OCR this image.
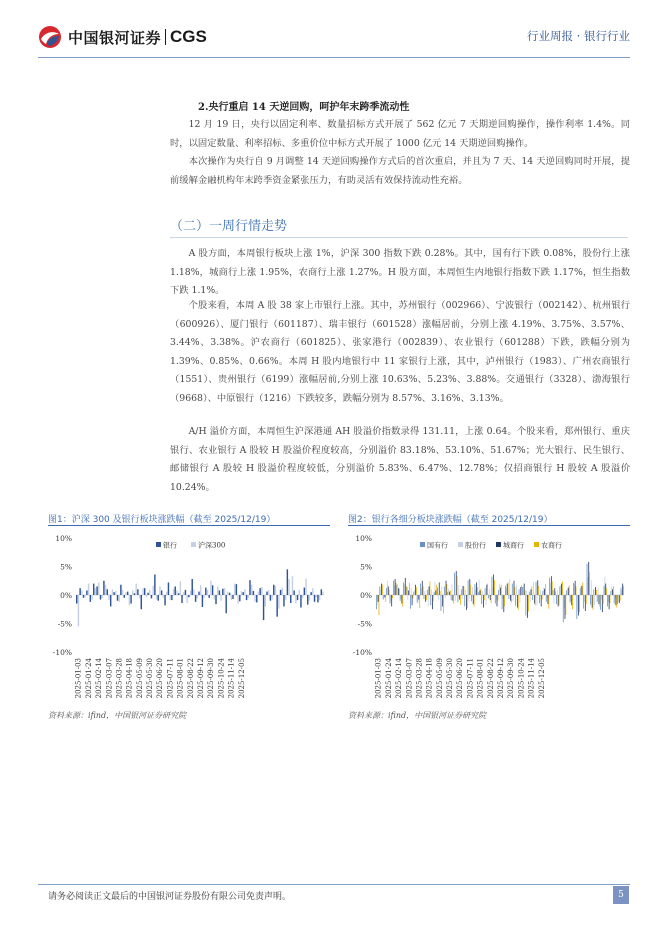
中国银河证券 CGS	行业周报 · 银行行业
2.央行重启 14 天逆回购，呵护年末跨季流动性
12 月 19 日，央行以固定利率、数量招标方式开展了 562 亿元 7 天期逆回购操作，操作利率 1.4%。同时，以固定数量、利率招标、多重价位中标方式开展了 1000 亿元 14 天期逆回购操作。
本次操作为央行自 9 月调整 14 天逆回购操作方式后的首次重启，并且为 7 天、14 天逆回购同时开展，提前缓解金融机构年末跨季资金紧张压力，有助灵活有效保持流动性充裕。
（二）一周行情走势
A 股方面，本周银行板块上涨 1%，沪深 300 指数下跌 0.28%。其中，国有行下跌 0.08%，股份行上涨 1.18%，城商行上涨 1.95%，农商行上涨 1.27%。H 股方面，本周恒生内地银行指数下跌 1.17%，恒生指数下跌 1.1%。
个股来看，本周 A 股 38 家上市银行上涨。其中，苏州银行（002966）、宁波银行（002142）、杭州银行（600926）、厦门银行（601187）、瑞丰银行（601528）涨幅居前，分别上涨 4.19%、3.75%、3.57%、3.44%、3.38%。沪农商行（601825）、张家港行（002839）、农业银行（601288）下跌，跌幅分别为 1.39%、0.85%、0.66%。本周 H 股内地银行中 11 家银行上涨，其中，泸州银行（1983）、广州农商银行（1551）、贵州银行（6199）涨幅居前,分别上涨 10.63%、5.23%、3.88%。交通银行（3328）、渤海银行（9668）、中原银行（1216）下跌较多，跌幅分别为 8.57%、3.16%、3.13%。
A/H 溢价方面，本周恒生沪深港通 AH 股溢价指数录得 131.11，上涨 0.64。个股来看，郑州银行、重庆银行、农业银行 A 股较 H 股溢价程度较高，分别溢价 83.18%、53.10%、51.67%；光大银行、民生银行、邮储银行 A 股较 H 股溢价程度较低，分别溢价 5.83%、6.47%、12.78%；仅招商银行 H 股较 A 股溢价 10.24%。
图1：沪深 300 及银行板块涨跌幅（截至 2025/12/19）
10%
5%
0%
-5%
-10%
银行	沪深300
2025-01-03 2025-01-24 2025-02-14 2025-03-07 2025-03-28 2025-04-18 2025-05-09 2025-05-30 2025-06-20 2025-07-11 2025-08-01 2025-08-22 2025-09-12 2025-09-30 2025-10-24 2025-11-14 2025-12-05
资料来源：ifind，中国银河证券研究院
图2：银行各细分板块涨跌幅（截至 2025/12/19）
10%
5%
0%
-5%
-10%
国有行 股份行 城商行 农商行
2025-01-03 2025-01-24 2025-02-14 2025-03-07 2025-03-28 2025-04-18 2025-05-09 2025-05-30 2025-06-20 2025-07-11 2025-08-01 2025-08-22 2025-09-12 2025-09-30 2025-10-24 2025-11-14 2025-12-05
资料来源：ifind，中国银河证券研究院
请务必阅读正文最后的中国银河证券股份有限公司免责声明。	5
